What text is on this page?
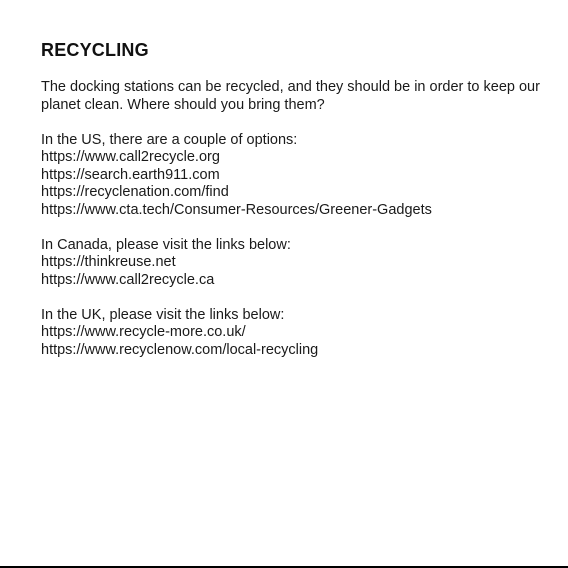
RECYCLING

The docking stations can be recycled, and they should be in order to keep our planet clean. Where should you bring them?

In the US, there are a couple of options:

https://www.call2recycle.org
https://search.earth911.com
https://recyclenation.com/find
https://www.cta.tech/Consumer-Resources/Greener-Gadgets

In Canada, please visit the links below:

https://thinkreuse.net
https://www.call2recycle.ca

In the UK, please visit the links below:

https://www.recycle-more.co.uk/
https://www.recyclenow.com/local-recycling
